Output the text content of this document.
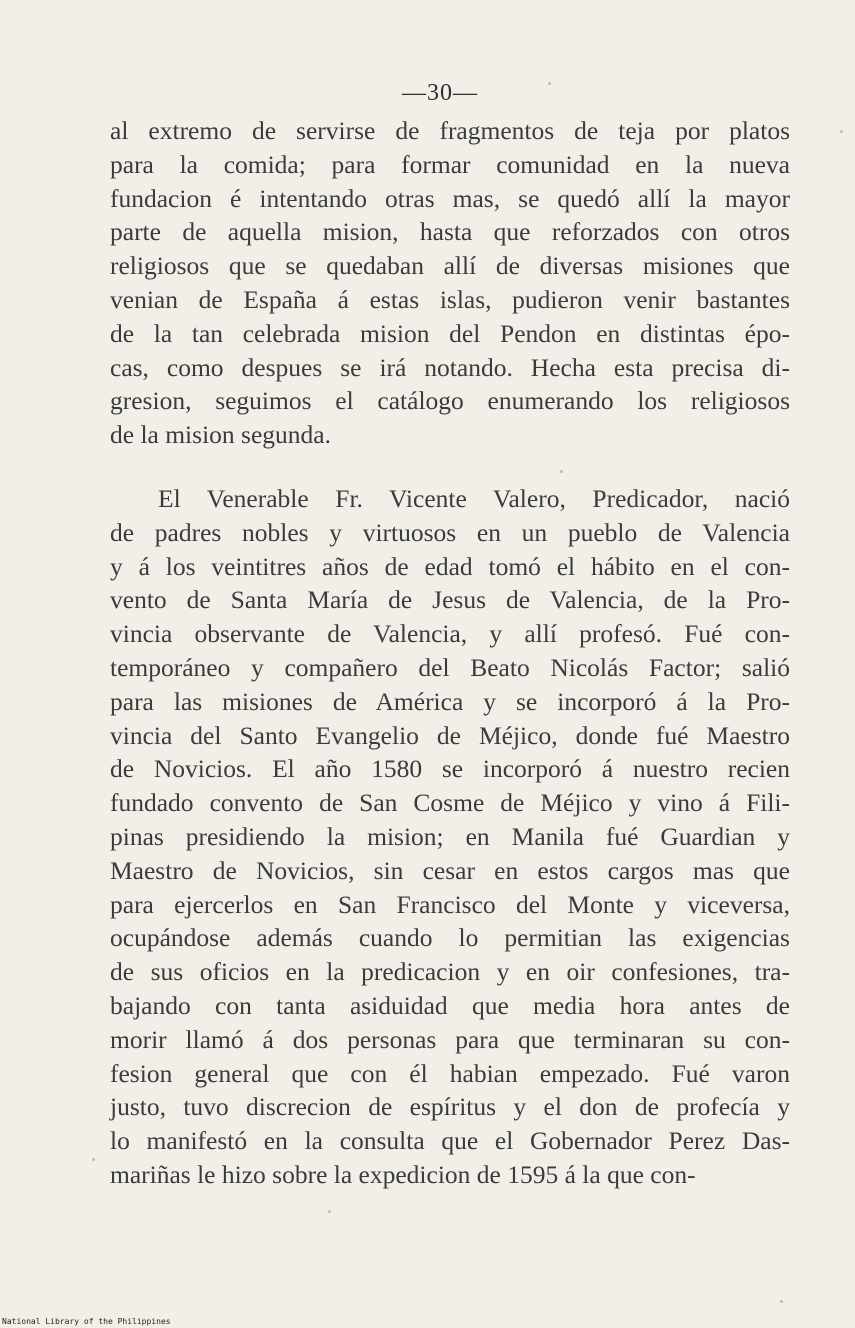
—30—
al extremo de servirse de fragmentos de teja por platos
para la comida; para formar comunidad en la nueva
fundacion é intentando otras mas, se quedó allí la mayor
parte de aquella mision, hasta que reforzados con otros
religiosos que se quedaban allí de diversas misiones que
venian de España á estas islas, pudieron venir bastantes
de la tan celebrada mision del Pendon en distintas épo-
cas, como despues se irá notando. Hecha esta precisa di-
gresion, seguimos el catálogo enumerando los religiosos
de la mision segunda.
El Venerable Fr. Vicente Valero, Predicador, nació
de padres nobles y virtuosos en un pueblo de Valencia
y á los veintitres años de edad tomó el hábito en el con-
vento de Santa María de Jesus de Valencia, de la Pro-
vincia observante de Valencia, y allí profesó. Fué con-
temporáneo y compañero del Beato Nicolás Factor; salió
para las misiones de América y se incorporó á la Pro-
vincia del Santo Evangelio de Méjico, donde fué Maestro
de Novicios. El año 1580 se incorporó á nuestro recien
fundado convento de San Cosme de Méjico y vino á Fili-
pinas presidiendo la mision; en Manila fué Guardian y
Maestro de Novicios, sin cesar en estos cargos mas que
para ejercerlos en San Francisco del Monte y viceversa,
ocupándose además cuando lo permitian las exigencias
de sus oficios en la predicacion y en oir confesiones, tra-
bajando con tanta asiduidad que media hora antes de
morir llamó á dos personas para que terminaran su con-
fesion general que con él habian empezado. Fué varon
justo, tuvo discrecion de espíritus y el don de profecía y
lo manifestó en la consulta que el Gobernador Perez Das-
mariñas le hizo sobre la expedicion de 1595 á la que con-
National Library of the Philippines
